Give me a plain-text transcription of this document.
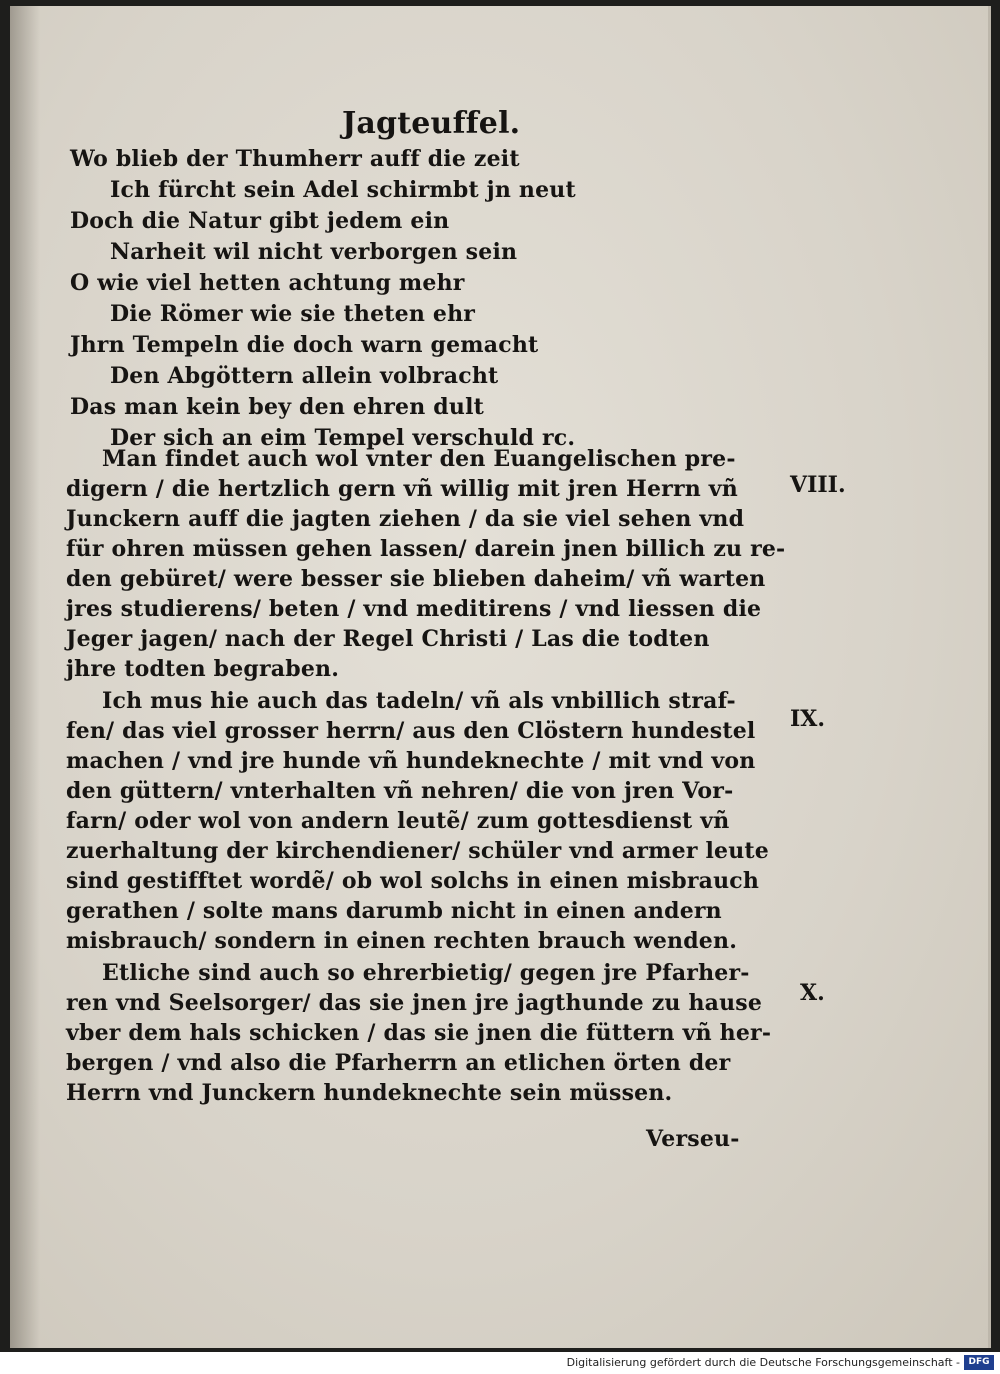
Jagteuffel.
Wo blieb der Thumherr auff die zeit
Ich fürcht sein Adel schirmbt jn neut
Doch die Natur gibt jedem ein
Narheit wil nicht verborgen sein
O wie viel hetten achtung mehr
Die Römer wie sie theten ehr
Jhrn Tempeln die doch warn gemacht
Den Abgöttern allein volbracht
Das man kein bey den ehren dult
Der sich an eim Tempel verschuld rc.
Man findet auch wol vnter den Euangelischen pre-
digern / die hertzlich gern vñ willig mit jren Herrn vñ
Junckern auff die jagten ziehen / da sie viel sehen vnd
für ohren müssen gehen lassen/ darein jnen billich zu re-
den gebüret/ were besser sie blieben daheim/ vñ warten
jres studierens/ beten / vnd meditirens / vnd liessen die
Jeger jagen/ nach der Regel Christi / Las die todten
jhre todten begraben.
VIII.
Ich mus hie auch das tadeln/ vñ als vnbillich straf-
fen/ das viel grosser herrn/ aus den Clöstern hundestel
machen / vnd jre hunde vñ hundeknechte / mit vnd von
den güttern/ vnterhalten vñ nehren/ die von jren Vor-
farn/ oder wol von andern leutẽ/ zum gottesdienst vñ
zuerhaltung der kirchendiener/ schüler vnd armer leute
sind gestifftet wordẽ/ ob wol solchs in einen misbrauch
gerathen / solte mans darumb nicht in einen andern
misbrauch/ sondern in einen rechten brauch wenden.
IX.
Etliche sind auch so ehrerbietig/ gegen jre Pfarher-
ren vnd Seelsorger/ das sie jnen jre jagthunde zu hause
vber dem hals schicken / das sie jnen die füttern vñ her-
bergen / vnd also die Pfarherrn an etlichen örten der
Herrn vnd Junckern hundeknechte sein müssen.
X.
Verseu-
Digitalisierung gefördert durch die Deutsche Forschungsgemeinschaft - DFG
